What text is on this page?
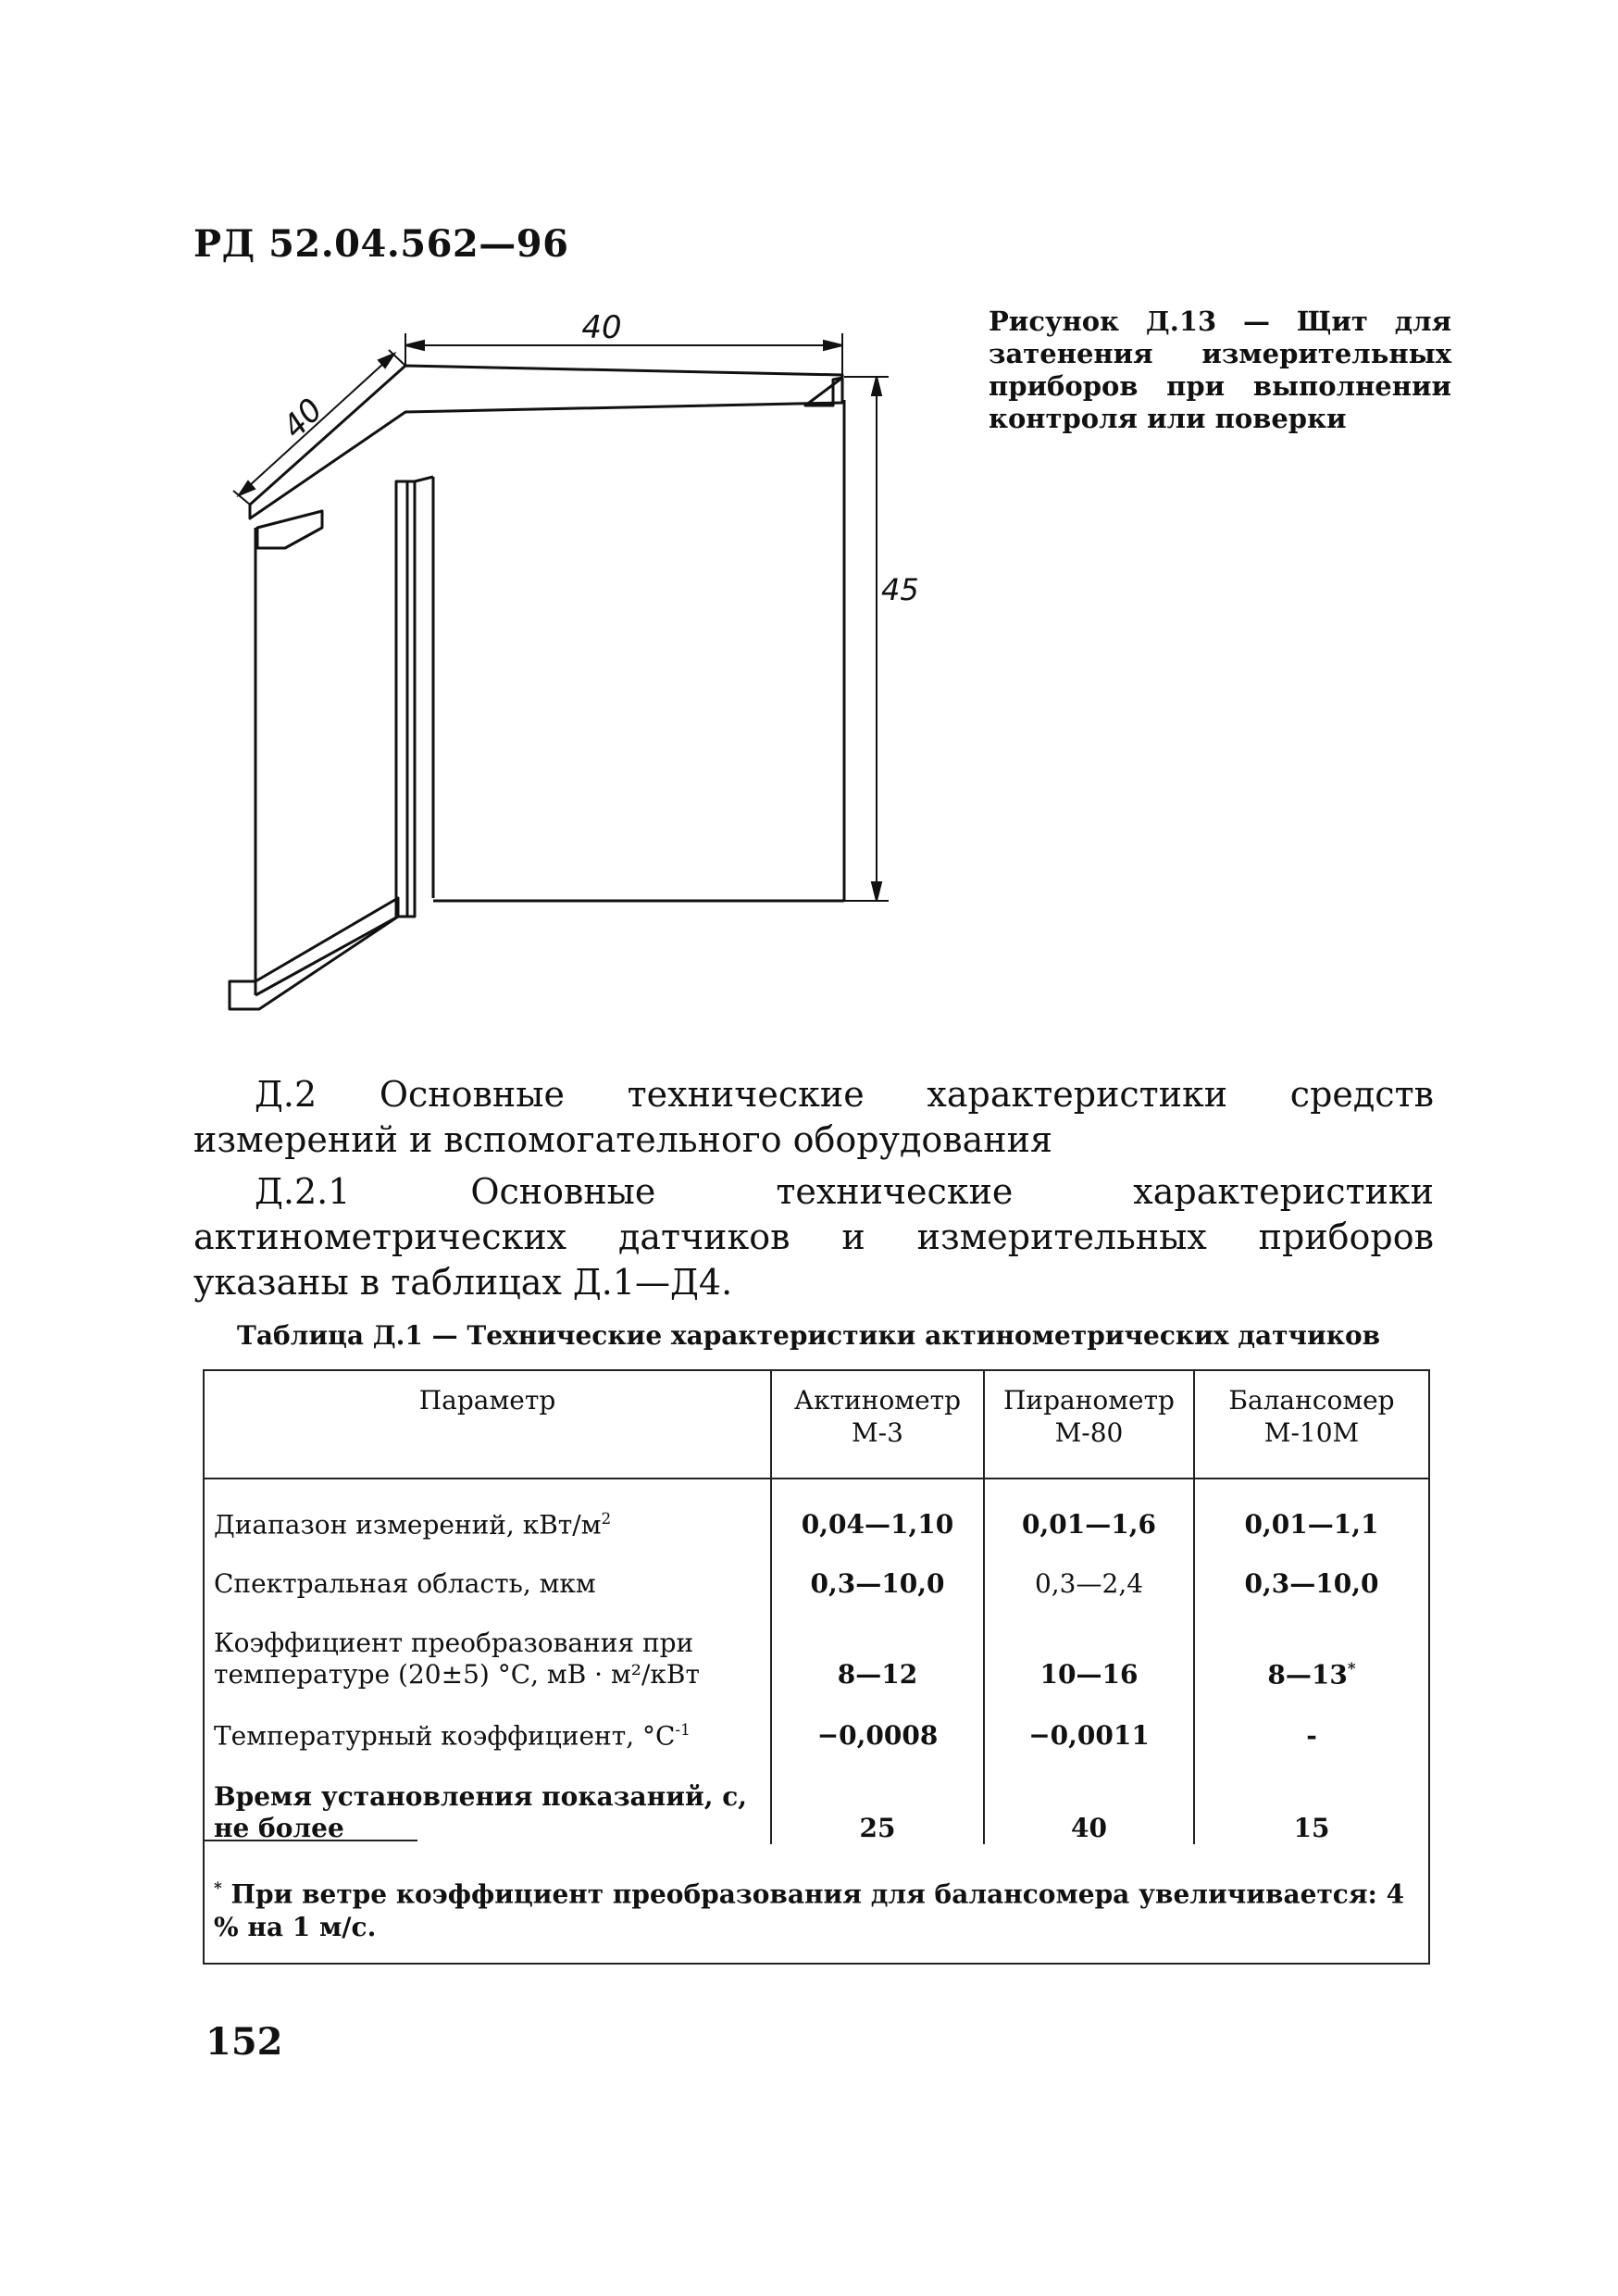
РД 52.04.562—96
40
40
45
Рисунок Д.13 — Щит для затенения измерительных приборов при выполнении контроля или поверки
Д.2 Основные технические характеристики средств измерений и вспомогательного оборудования
Д.2.1 Основные технические характеристики актинометрических датчиков и измерительных приборов указаны в таблицах Д.1—Д4.
Таблица Д.1 — Технические характеристики актинометрических датчиков
Параметр	Актинометр М-3	Пиранометр М-80	Балансомер М-10М
Диапазон измерений, кВт/$м^2$	0,04—1,10	0,01—1,6	0,01—1,1
Спектральная область, мкм	0,3—10,0	0,3—2,4	0,3—10,0
Коэффициент преобразования при температуре (20±5) °С, мВ · м²/кВт	8—12	10—16	8—13*
Температурный коэффициент, $^\circ С^{-1}$	−0,0008	−0,0011	-
Время установления показаний, с, не более	25	40	15
* При ветре коэффициент преобразования для балансомера увеличивается: 4 % на 1 м/с.
152
